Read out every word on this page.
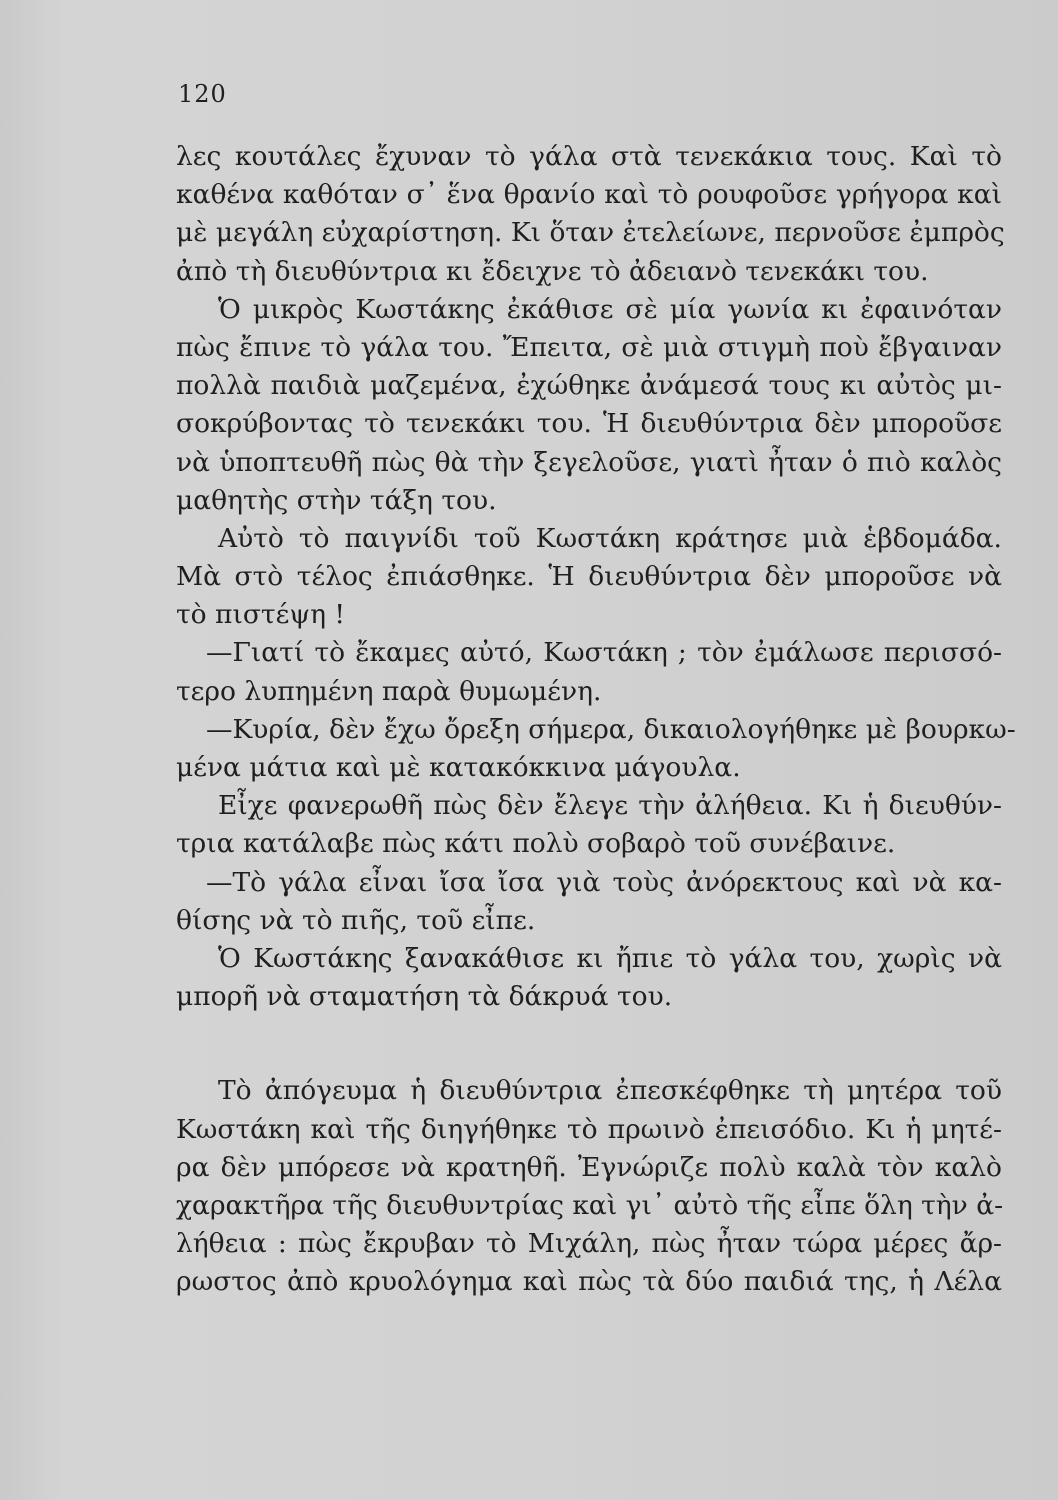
120
λες κουτάλες ἔχυναν τὸ γάλα στὰ τενεκάκια τους. Καὶ τὸ
καθένα καθόταν σ᾽ ἕνα θρανίο καὶ τὸ ρουφοῦσε γρήγορα καὶ
μὲ μεγάλη εὐχαρίστηση. Κι ὅταν ἐτελείωνε, περνοῦσε ἐμπρὸς
ἀπὸ τὴ διευθύντρια κι ἔδειχνε τὸ ἀδειανὸ τενεκάκι του.
Ὁ μικρὸς Κωστάκης ἐκάθισε σὲ μία γωνία κι ἐφαινόταν
πὼς ἔπινε τὸ γάλα του. Ἔπειτα, σὲ μιὰ στιγμὴ ποὺ ἔβγαιναν
πολλὰ παιδιὰ μαζεμένα, ἐχώθηκε ἀνάμεσά τους κι αὐτὸς μι-
σοκρύβοντας τὸ τενεκάκι του. Ἡ διευθύντρια δὲν μποροῦσε
νὰ ὑποπτευθῆ πὼς θὰ τὴν ξεγελοῦσε, γιατὶ ἦταν ὁ πιὸ καλὸς
μαθητὴς στὴν τάξη του.
Αὐτὸ τὸ παιγνίδι τοῦ Κωστάκη κράτησε μιὰ ἑβδομάδα.
Μὰ στὸ τέλος ἐπιάσθηκε. Ἡ διευθύντρια δὲν μποροῦσε νὰ
τὸ πιστέψη !
—Γιατί τὸ ἔκαμες αὐτό, Κωστάκη ; τὸν ἐμάλωσε περισσό-
τερο λυπημένη παρὰ θυμωμένη.
—Κυρία, δὲν ἔχω ὄρεξη σήμερα, δικαιολογήθηκε μὲ βουρκω-
μένα μάτια καὶ μὲ κατακόκκινα μάγουλα.
Εἶχε φανερωθῆ πὼς δὲν ἔλεγε τὴν ἀλήθεια. Κι ἡ διευθύν-
τρια κατάλαβε πὼς κάτι πολὺ σοβαρὸ τοῦ συνέβαινε.
—Τὸ γάλα εἶναι ἴσα ἴσα γιὰ τοὺς ἀνόρεκτους καὶ νὰ κα-
θίσης νὰ τὸ πιῆς, τοῦ εἶπε.
Ὁ Κωστάκης ξανακάθισε κι ἤπιε τὸ γάλα του, χωρὶς νὰ
μπορῆ νὰ σταματήση τὰ δάκρυά του.
Τὸ ἀπόγευμα ἡ διευθύντρια ἐπεσκέφθηκε τὴ μητέρα τοῦ
Κωστάκη καὶ τῆς διηγήθηκε τὸ πρωινὸ ἐπεισόδιο. Κι ἡ μητέ-
ρα δὲν μπόρεσε νὰ κρατηθῆ. Ἐγνώριζε πολὺ καλὰ τὸν καλὸ
χαρακτῆρα τῆς διευθυντρίας καὶ γι᾽ αὐτὸ τῆς εἶπε ὅλη τὴν ἀ-
λήθεια : πὼς ἔκρυβαν τὸ Μιχάλη, πὼς ἦταν τώρα μέρες ἄρ-
ρωστος ἀπὸ κρυολόγημα καὶ πὼς τὰ δύο παιδιά της, ἡ Λέλα
